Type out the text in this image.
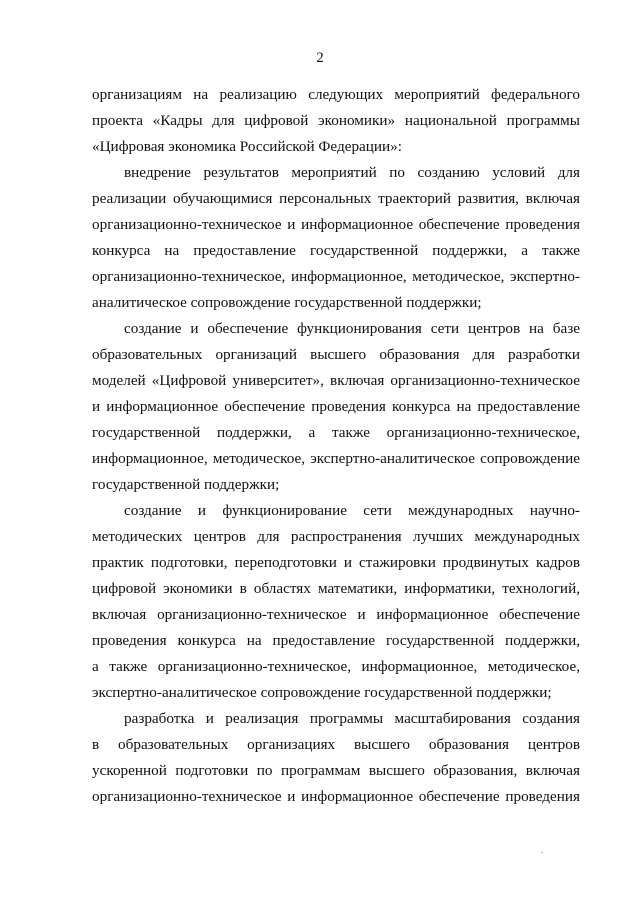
2
организациям на реализацию следующих мероприятий федерального
проекта «Кадры для цифровой экономики» национальной программы
«Цифровая экономика Российской Федерации»:
внедрение результатов мероприятий по созданию условий для
реализации обучающимися персональных траекторий развития, включая
организационно-техническое и информационное обеспечение проведения
конкурса на предоставление государственной поддержки, а также
организационно-техническое, информационное, методическое, экспертно-
аналитическое сопровождение государственной поддержки;
создание и обеспечение функционирования сети центров на базе
образовательных организаций высшего образования для разработки
моделей «Цифровой университет», включая организационно-техническое
и информационное обеспечение проведения конкурса на предоставление
государственной поддержки, а также организационно-техническое,
информационное, методическое, экспертно-аналитическое сопровождение
государственной поддержки;
создание и функционирование сети международных научно-
методических центров для распространения лучших международных
практик подготовки, переподготовки и стажировки продвинутых кадров
цифровой экономики в областях математики, информатики, технологий,
включая организационно-техническое и информационное обеспечение
проведения конкурса на предоставление государственной поддержки,
а также организационно-техническое, информационное, методическое,
экспертно-аналитическое сопровождение государственной поддержки;
разработка и реализация программы масштабирования создания
в образовательных организациях высшего образования центров
ускоренной подготовки по программам высшего образования, включая
организационно-техническое и информационное обеспечение проведения
